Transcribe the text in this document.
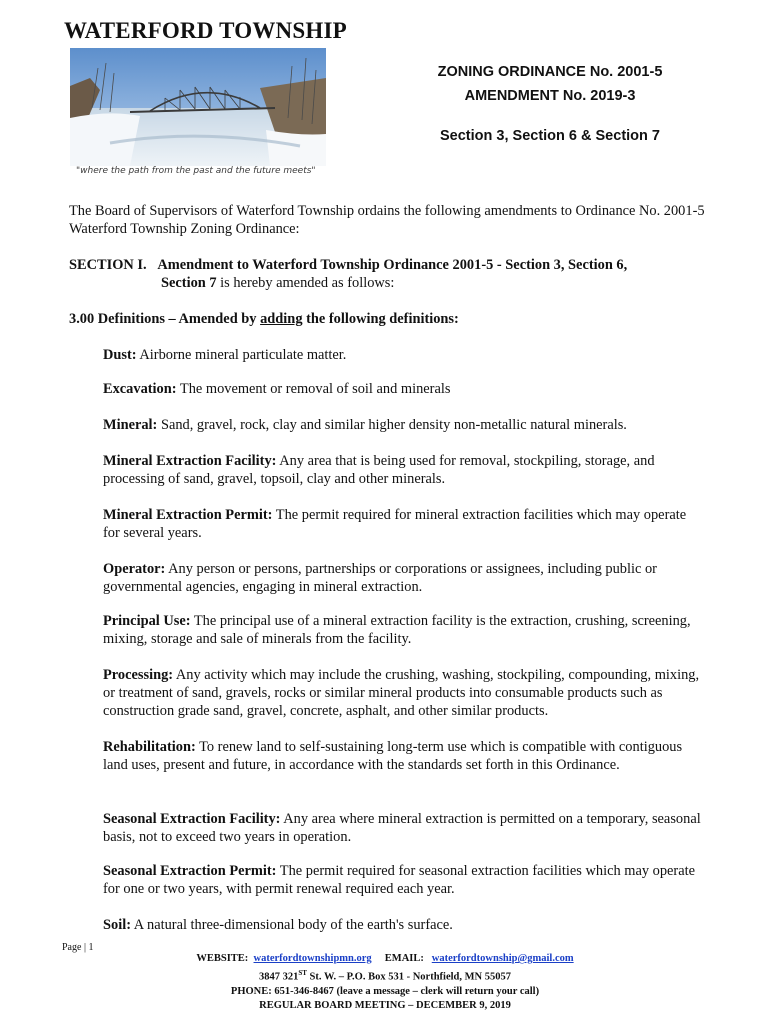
WATERFORD TOWNSHIP
"where the path from the past and the future meets"
ZONING ORDINANCE No. 2001-5
AMENDMENT No. 2019-3
Section 3, Section 6 & Section 7
The Board of Supervisors of Waterford Township ordains the following amendments to Ordinance No. 2001-5 Waterford Township Zoning Ordinance:
SECTION I. Amendment to Waterford Township Ordinance 2001-5 - Section 3, Section 6,
Section 7 is hereby amended as follows:
3.00 Definitions – Amended by adding the following definitions:
Dust: Airborne mineral particulate matter.
Excavation: The movement or removal of soil and minerals
Mineral: Sand, gravel, rock, clay and similar higher density non-metallic natural minerals.
Mineral Extraction Facility: Any area that is being used for removal, stockpiling, storage, and processing of sand, gravel, topsoil, clay and other minerals.
Mineral Extraction Permit: The permit required for mineral extraction facilities which may operate for several years.
Operator: Any person or persons, partnerships or corporations or assignees, including public or governmental agencies, engaging in mineral extraction.
Principal Use: The principal use of a mineral extraction facility is the extraction, crushing, screening, mixing, storage and sale of minerals from the facility.
Processing: Any activity which may include the crushing, washing, stockpiling, compounding, mixing, or treatment of sand, gravels, rocks or similar mineral products into consumable products such as construction grade sand, gravel, concrete, asphalt, and other similar products.
Rehabilitation: To renew land to self-sustaining long-term use which is compatible with contiguous land uses, present and future, in accordance with the standards set forth in this Ordinance.
Seasonal Extraction Facility: Any area where mineral extraction is permitted on a temporary, seasonal basis, not to exceed two years in operation.
Seasonal Extraction Permit: The permit required for seasonal extraction facilities which may operate for one or two years, with permit renewal required each year.
Soil: A natural three-dimensional body of the earth's surface.
Page | 1
WEBSITE: waterfordtownshipmn.org EMAIL: waterfordtownship@gmail.com
3847 321ST St. W. – P.O. Box 531 - Northfield, MN 55057
PHONE: 651-346-8467 (leave a message – clerk will return your call)
REGULAR BOARD MEETING – DECEMBER 9, 2019
